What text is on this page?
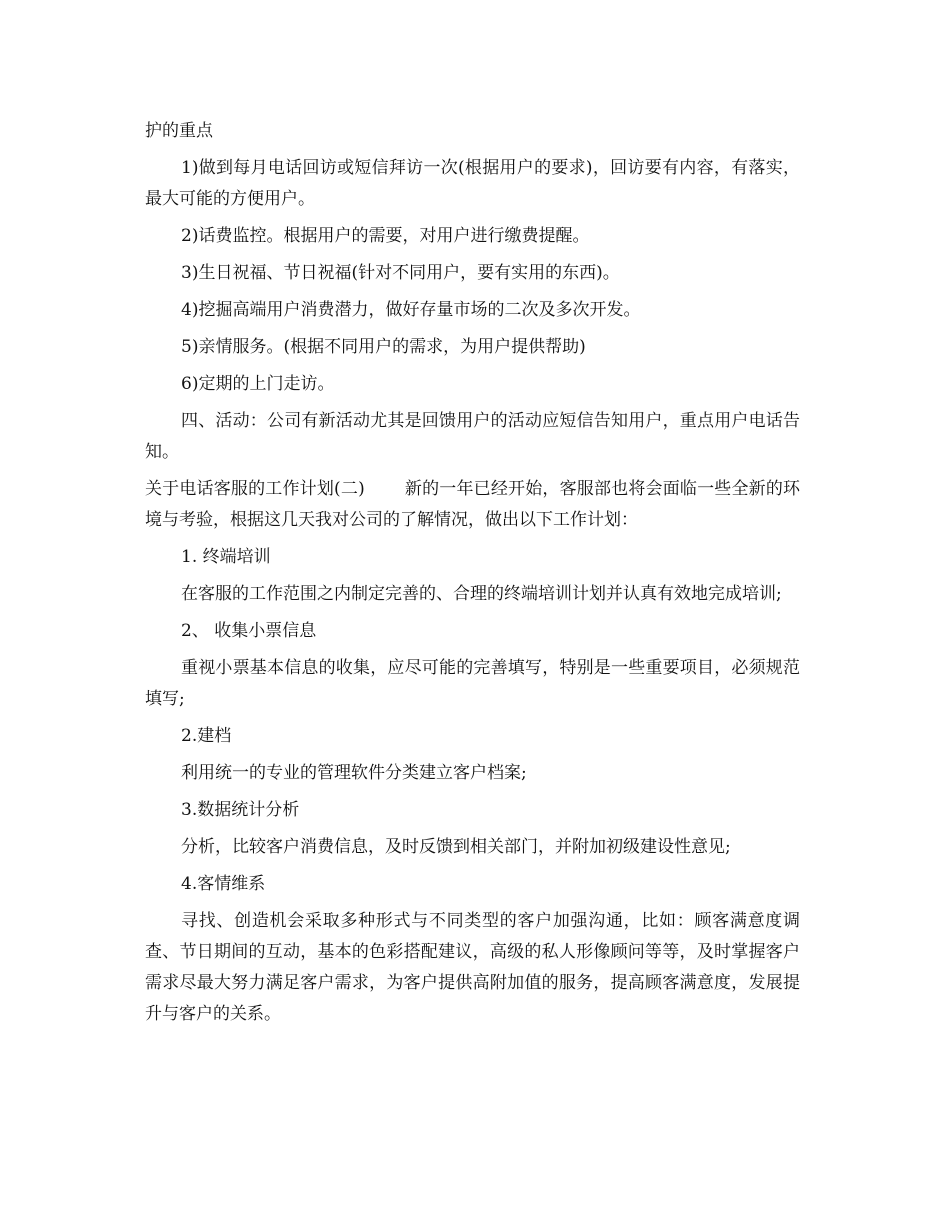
护的重点

1)做到每月电话回访或短信拜访一次(根据用户的要求)，回访要有内容，有落实，最大可能的方便用户。

2)话费监控。根据用户的需要，对用户进行缴费提醒。

3)生日祝福、节日祝福(针对不同用户，要有实用的东西)。

4)挖掘高端用户消费潜力，做好存量市场的二次及多次开发。

5)亲情服务。(根据不同用户的需求，为用户提供帮助)

6)定期的上门走访。

四、活动：公司有新活动尤其是回馈用户的活动应短信告知用户，重点用户电话告知。

关于电话客服的工作计划(二) 新的一年已经开始，客服部也将会面临一些全新的环境与考验，根据这几天我对公司的了解情况，做出以下工作计划：

1. 终端培训

在客服的工作范围之内制定完善的、合理的终端培训计划并认真有效地完成培训;

2、 收集小票信息

重视小票基本信息的收集，应尽可能的完善填写，特别是一些重要项目，必须规范填写;

2.建档

利用统一的专业的管理软件分类建立客户档案;

3.数据统计分析

分析，比较客户消费信息，及时反馈到相关部门，并附加初级建设性意见;

4.客情维系

寻找、创造机会采取多种形式与不同类型的客户加强沟通，比如：顾客满意度调查、节日期间的互动，基本的色彩搭配建议，高级的私人形像顾问等等，及时掌握客户需求尽最大努力满足客户需求，为客户提供高附加值的服务，提高顾客满意度，发展提升与客户的关系。
